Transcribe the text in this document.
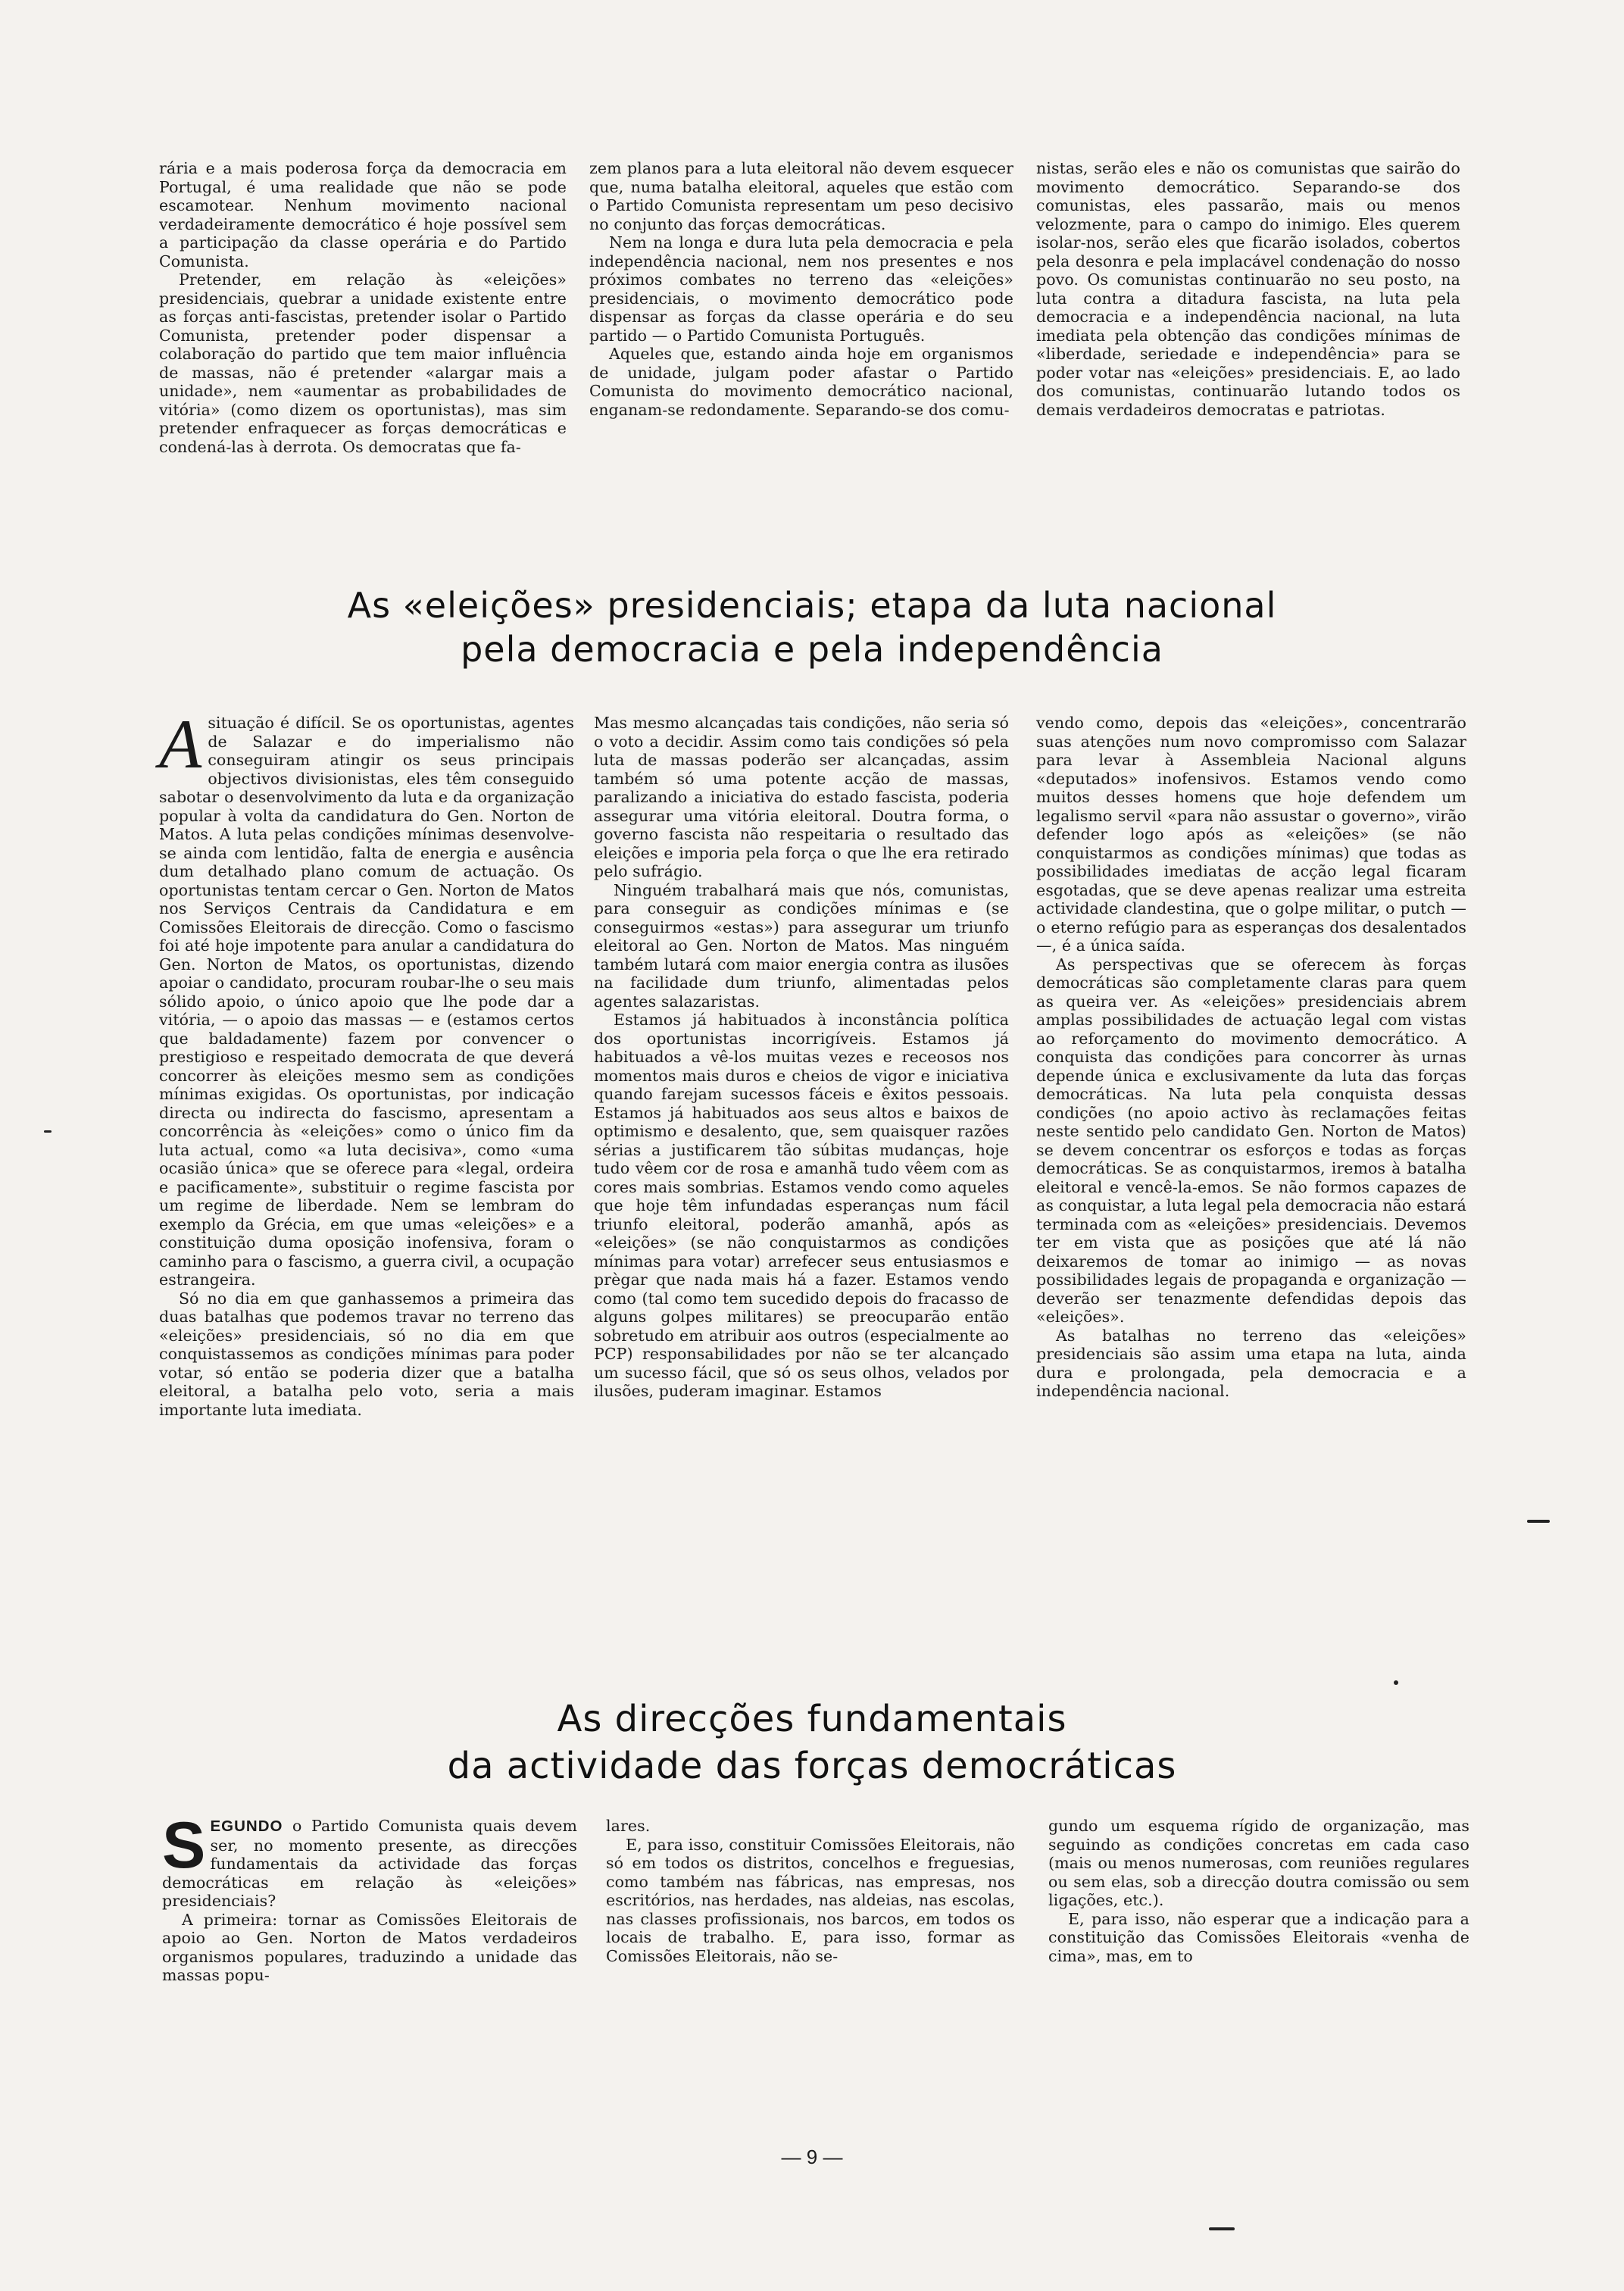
rária e a mais poderosa força da democracia em Portugal, é uma realidade que não se pode escamotear. Nenhum movimento nacional verdadeiramente democrático é hoje possível sem a participação da classe operária e do Partido Comunista.

Pretender, em relação às «eleições» presidenciais, quebrar a unidade existente entre as forças anti-fascistas, pretender isolar o Partido Comunista, pretender poder dispensar a colaboração do partido que tem maior influência de massas, não é pretender «alargar mais a unidade», nem «aumentar as probabilidades de vitória» (como dizem os oportunistas), mas sim pretender enfraquecer as forças democráticas e condená-las à derrota. Os democratas que fa-

zem planos para a luta eleitoral não devem esquecer que, numa batalha eleitoral, aqueles que estão com o Partido Comunista representam um peso decisivo no conjunto das forças democráticas.

Nem na longa e dura luta pela democracia e pela independência nacional, nem nos presentes e nos próximos combates no terreno das «eleições» presidenciais, o movimento democrático pode dispensar as forças da classe operária e do seu partido — o Partido Comunista Português.

Aqueles que, estando ainda hoje em organismos de unidade, julgam poder afastar o Partido Comunista do movimento democrático nacional, enganam-se redondamente. Separando-se dos comu-

nistas, serão eles e não os comunistas que sairão do movimento democrático. Separando-se dos comunistas, eles passarão, mais ou menos velozmente, para o campo do inimigo. Eles querem isolar-nos, serão eles que ficarão isolados, cobertos pela desonra e pela implacável condenação do nosso povo. Os comunistas continuarão no seu posto, na luta contra a ditadura fascista, na luta pela democracia e a independência nacional, na luta imediata pela obtenção das condições mínimas de «liberdade, seriedade e independência» para se poder votar nas «eleições» presidenciais. E, ao lado dos comunistas, continuarão lutando todos os demais verdadeiros democratas e patriotas.

As «eleições» presidenciais; etapa da luta nacional
pela democracia e pela independência

Asituação é difícil. Se os oportunistas, agentes de Salazar e do imperialismo não conseguiram atingir os seus principais objectivos divisionistas, eles têm conseguido sabotar o desenvolvimento da luta e da organização popular à volta da candidatura do Gen. Norton de Matos. A luta pelas condições mínimas desenvolve-se ainda com lentidão, falta de energia e ausência dum detalhado plano comum de actuação. Os oportunistas tentam cercar o Gen. Norton de Matos nos Serviços Centrais da Candidatura e em Comissões Eleitorais de direcção. Como o fascismo foi até hoje impotente para anular a candidatura do Gen. Norton de Matos, os oportunistas, dizendo apoiar o candidato, procuram roubar-lhe o seu mais sólido apoio, o único apoio que lhe pode dar a vitória, — o apoio das massas — e (estamos certos que baldadamente) fazem por convencer o prestigioso e respeitado democrata de que deverá concorrer às eleições mesmo sem as condições mínimas exigidas. Os oportunistas, por indicação directa ou indirecta do fascismo, apresentam a concorrência às «eleições» como o único fim da luta actual, como «a luta decisiva», como «uma ocasião única» que se oferece para «legal, ordeira e pacificamente», substituir o regime fascista por um regime de liberdade. Nem se lembram do exemplo da Grécia, em que umas «eleições» e a constituição duma oposição inofensiva, foram o caminho para o fascismo, a guerra civil, a ocupação estrangeira.

Só no dia em que ganhassemos a primeira das duas batalhas que podemos travar no terreno das «eleições» presidenciais, só no dia em que conquistassemos as condições mínimas para poder votar, só então se poderia dizer que a batalha eleitoral, a batalha pelo voto, seria a mais importante luta imediata.

Mas mesmo alcançadas tais condições, não seria só o voto a decidir. Assim como tais condições só pela luta de massas poderão ser alcançadas, assim também só uma potente acção de massas, paralizando a iniciativa do estado fascista, poderia assegurar uma vitória eleitoral. Doutra forma, o governo fascista não respeitaria o resultado das eleições e imporia pela força o que lhe era retirado pelo sufrágio.

Ninguém trabalhará mais que nós, comunistas, para conseguir as condições mínimas e (se conseguirmos «estas») para assegurar um triunfo eleitoral ao Gen. Norton de Matos. Mas ninguém também lutará com maior energia contra as ilusões na facilidade dum triunfo, alimentadas pelos agentes salazaristas.

Estamos já habituados à inconstância política dos oportunistas incorrigíveis. Estamos já habituados a vê-los muitas vezes e receosos nos momentos mais duros e cheios de vigor e iniciativa quando farejam sucessos fáceis e êxitos pessoais. Estamos já habituados aos seus altos e baixos de optimismo e desalento, que, sem quaisquer razões sérias a justificarem tão súbitas mudanças, hoje tudo vêem cor de rosa e amanhã tudo vêem com as cores mais sombrias. Estamos vendo como aqueles que hoje têm infundadas esperanças num fácil triunfo eleitoral, poderão amanhã, após as «eleições» (se não conquistarmos as condições mínimas para votar) arrefecer seus entusiasmos e prègar que nada mais há a fazer. Estamos vendo como (tal como tem sucedido depois do fracasso de alguns golpes militares) se preocuparão então sobretudo em atribuir aos outros (especialmente ao PCP) responsabilidades por não se ter alcançado um sucesso fácil, que só os seus olhos, velados por ilusões, puderam imaginar. Estamos

vendo como, depois das «eleições», concentrarão suas atenções num novo compromisso com Salazar para levar à Assembleia Nacional alguns «deputados» inofensivos. Estamos vendo como muitos desses homens que hoje defendem um legalismo servil «para não assustar o governo», virão defender logo após as «eleições» (se não conquistarmos as condições mínimas) que todas as possibilidades imediatas de acção legal ficaram esgotadas, que se deve apenas realizar uma estreita actividade clandestina, que o golpe militar, o putch — o eterno refúgio para as esperanças dos desalentados—, é a única saída.

As perspectivas que se oferecem às forças democráticas são completamente claras para quem as queira ver. As «eleições» presidenciais abrem amplas possibilidades de actuação legal com vistas ao reforçamento do movimento democrático. A conquista das condições para concorrer às urnas depende única e exclusivamente da luta das forças democráticas. Na luta pela conquista dessas condições (no apoio activo às reclamações feitas neste sentido pelo candidato Gen. Norton de Matos) se devem concentrar os esforços e todas as forças democráticas. Se as conquistarmos, iremos à batalha eleitoral e vencê-la-emos. Se não formos capazes de as conquistar, a luta legal pela democracia não estará terminada com as «eleições» presidenciais. Devemos ter em vista que as posições que até lá não deixaremos de tomar ao inimigo — as novas possibilidades legais de propaganda e organização — deverão ser tenazmente defendidas depois das «eleições».

As batalhas no terreno das «eleições» presidenciais são assim uma etapa na luta, ainda dura e prolongada, pela democracia e a independência nacional.

As direcções fundamentais
da actividade das forças democráticas

SEGUNDO o Partido Comunista quais devem ser, no momento presente, as direcções fundamentais da actividade das forças democráticas em relação às «eleições» presidenciais?

A primeira: tornar as Comissões Eleitorais de apoio ao Gen. Norton de Matos verdadeiros organismos populares, traduzindo a unidade das massas popu-

lares.

E, para isso, constituir Comissões Eleitorais, não só em todos os distritos, concelhos e freguesias, como também nas fábricas, nas empresas, nos escritórios, nas herdades, nas aldeias, nas escolas, nas classes profissionais, nos barcos, em todos os locais de trabalho. E, para isso, formar as Comissões Eleitorais, não se-

gundo um esquema rígido de organização, mas seguindo as condições concretas em cada caso (mais ou menos numerosas, com reuniões regulares ou sem elas, sob a direcção doutra comissão ou sem ligações, etc.).

E, para isso, não esperar que a indicação para a constituição das Comissões Eleitorais «venha de cima», mas, em to

— 9 —
